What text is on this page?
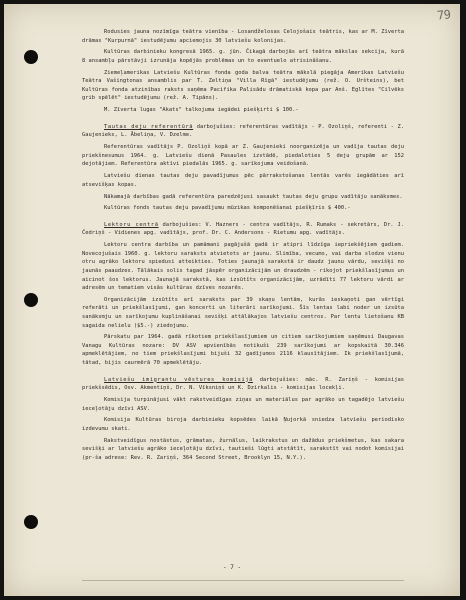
79

Rodusies jauna nozīmīga teātra vienība - Losandželosas Celojošais teātris, kas ar M. Zīverta drāmas "Kurpurnā" iestudējumu apciemojis 30 latviešu kolonijas.

Kultūras darbinieku kongresā 1965. g. jūn. Čikagā darbojās arī teātra mākslas sekcija, kurā 8 ansambļu pārstāvji izrunāja kopējās problēmas un to eventuelo atrisināšanu.

Ziemeļamerikas Latviešu Kultūras fonda goda balva teātra mākslā piegāja Amerikas Latviešu Teātra Vašingtonas ansamblis par T. Zeltiņa "Villa Rīgā" iestudējumu (rež. O. Uršteins), bet Kultūras fonda atzinības raksts saņēma Pacifika Palisādu drāmatiskā kopa par Anš. Eglītes "Cilvēks grib spēlēt" iestudējumu (rež. A. Tipāns).

M. Zīverta lugas "Akats" talkojuma iegādei piešķirti $ 100.-

Tautas deju referentūrā darbojušies: referentūras vadītājs - P. Ozoliņš, referenti - Z. Gaujenieks, L. Ābeliņa, V. Dzelme.

Referentūras vadītājs P. Ozoliņš kopā ar Z. Gaujenieki noorganizēja un vadīja tautas deju priekšnesumus 1964. g. Latviešu dienā Pasaules izstādē, piedaloties 5 deju grupām ar 152 dejotājiem. Referentūra aktīvi piedalās 1965. g. sarīkojuma veidošanā.

Latviešu dienas tautas deju pavadījumus pēc pārrakstošanas lentās varēs iegādāties arī atsevišķas kopas.

Nākamajā darbības gadā referentūra paredzējusi sasaukt tautas deju grupu vadītāju sanāksmes.

Kultūras fonds tautas deju pavadījumu mūzikas komponēšanai piešķīris $ 400.-

Lektoru centrā darbojušies: V. Hazners - centra vadītājs, R. Rumaks - sekretārs, Dr. J. Čedriņš - Vidienes apg. vadītājs, prof. Dr. C. Andersons - Rietumu apg. vadītājs.

Lektoru centra darbība un pamāmani pagājušā gadā ir atipri līdzīga iepriekšējiem gadiem. Novecojušais 1960. g. lektoru saraksts atvietots ar jaunu. Slimība, vecums, vai darba slodze vienu otru agrāko lektoru spiedusi atteikties. Toties jaunajā sarakstā ir daudz jaunu vārdu, sevišķi no jaunās paaudzes. Tālākais solis tagad jāspēr organizācijām un draudzēm - rikojot priekšlasījumus un aicinot šos lektorus. Jaunajā sarakstā, kas izsūtīts organizācijām, uzrādīti 77 lektoru vārdi ar adresēm un tematiem visās kultūras dzīves nozarēs.

Organizācijām izsūtīts arī saraksts par 39 skaņu lentām, kurās ieskaņoti gan vērtīgi referāti un priekšlasījumi, gan koncerti un literāri sarīkojumi. Šīs lentas labi noder un izsūta sanāksmju un sarīkojumu kuplināšanai sevišķi attālākajos latviešu centros. Par lentu lietošanu KB sagaida nelielu ($5.-) ziedojumu.

Pārskatu par 1964. gadā rīkotiem priekšlasījumiem un citiem sarīkojumiem saņēmusi Daugavas Vanagu Kultūras nozare: DV ASV apvienībās notikuši 239 sarīkojumi ar kopskaitā 30.346 apmeklētājiem, no tiem priekšlasījumi bijuši 32 gadījumos 2116 klausītājiem. Ik priekšlasījumā, tātad, bijis caurmērā 70 apmeklētāju.

Latviešu imigrantu vēstures komisijā darbojušies: māc. R. Zariņš - komisijas priekšsēdis, Osv. Akmentiņš, Dr. N. Vīksniņš un K. Dzirkalis - komisijas locekļi.

Komisija turpinājusi vākt rakstveidīgas ziņas un materiālus par agrāko un tagadējo latviešu ieceļotāju dzīvi ASV.

Komisija Kultūras biroja darbinieku kopsēdes laikā Ņujorkā sniedza latviešu periodisko izdevumu skati.

Rakstveidīgus nostāstus, grāmatas, žurnālus, laikrakstus un dažādus priekšmetus, kas sakara sevišķi ar latviešu agrāko ieceļotāju dzīvi, tautieši lūgti atstātīt, sarakstīt vai nodot komisijai (pr-ša adrese: Rev. R. Zariņš, 364 Second Street, Brooklyn 15, N.Y.).

- 7 -
